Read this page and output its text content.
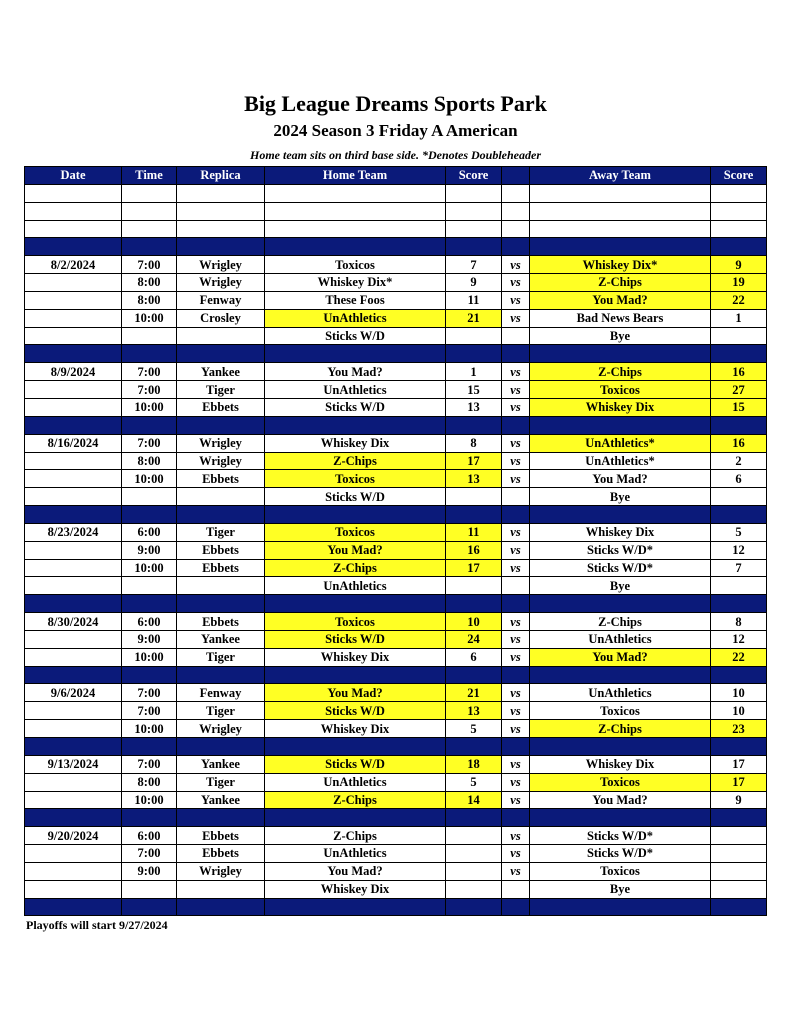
Big League Dreams Sports Park
2024 Season 3 Friday A American
Home team sits on third base side. *Denotes Doubleheader
Date	Time	Replica	Home Team	Score		Away Team	Score

8/2/2024	7:00	Wrigley	Toxicos	7	vs	Whiskey Dix*	9
	8:00	Wrigley	Whiskey Dix*	9	vs	Z-Chips	19
	8:00	Fenway	These Foos	11	vs	You Mad?	22
	10:00	Crosley	UnAthletics	21	vs	Bad News Bears	1
			Sticks W/D			Bye	

8/9/2024	7:00	Yankee	You Mad?	1	vs	Z-Chips	16
	7:00	Tiger	UnAthletics	15	vs	Toxicos	27
	10:00	Ebbets	Sticks W/D	13	vs	Whiskey Dix	15

8/16/2024	7:00	Wrigley	Whiskey Dix	8	vs	UnAthletics*	16
	8:00	Wrigley	Z-Chips	17	vs	UnAthletics*	2
	10:00	Ebbets	Toxicos	13	vs	You Mad?	6
			Sticks W/D			Bye	

8/23/2024	6:00	Tiger	Toxicos	11	vs	Whiskey Dix	5
	9:00	Ebbets	You Mad?	16	vs	Sticks W/D*	12
	10:00	Ebbets	Z-Chips	17	vs	Sticks W/D*	7
			UnAthletics			Bye	

8/30/2024	6:00	Ebbets	Toxicos	10	vs	Z-Chips	8
	9:00	Yankee	Sticks W/D	24	vs	UnAthletics	12
	10:00	Tiger	Whiskey Dix	6	vs	You Mad?	22

9/6/2024	7:00	Fenway	You Mad?	21	vs	UnAthletics	10
	7:00	Tiger	Sticks W/D	13	vs	Toxicos	10
	10:00	Wrigley	Whiskey Dix	5	vs	Z-Chips	23

9/13/2024	7:00	Yankee	Sticks W/D	18	vs	Whiskey Dix	17
	8:00	Tiger	UnAthletics	5	vs	Toxicos	17
	10:00	Yankee	Z-Chips	14	vs	You Mad?	9

9/20/2024	6:00	Ebbets	Z-Chips		vs	Sticks W/D*	
	7:00	Ebbets	UnAthletics		vs	Sticks W/D*	
	9:00	Wrigley	You Mad?		vs	Toxicos	
			Whiskey Dix			Bye	

Playoffs will start 9/27/2024
